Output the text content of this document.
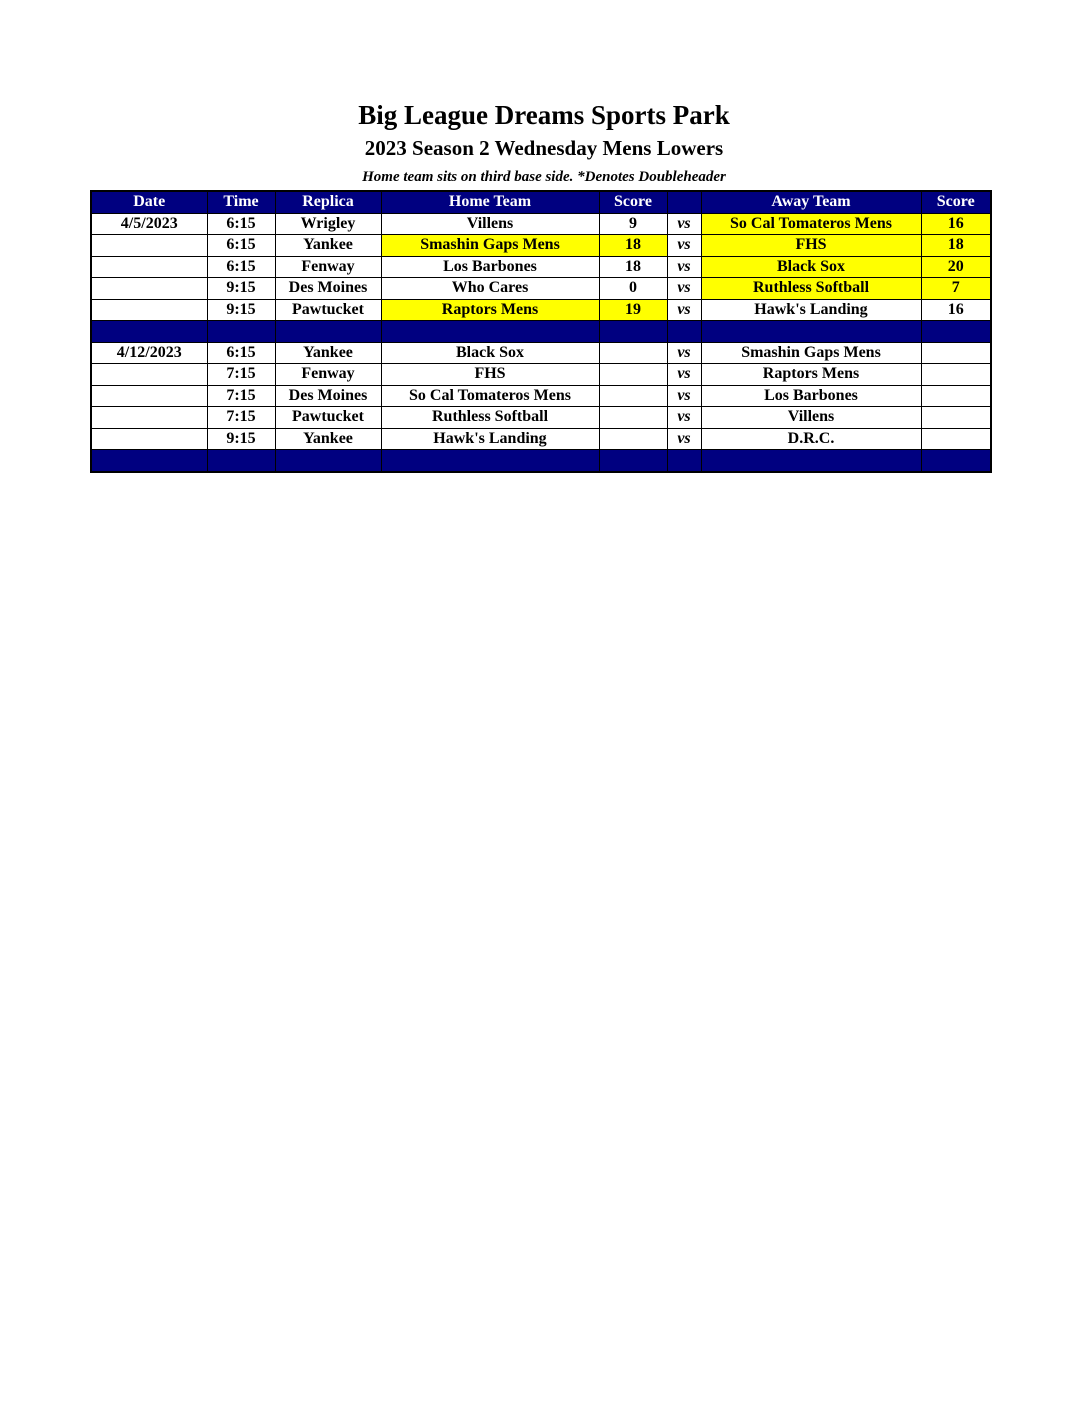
Big League Dreams Sports Park
2023 Season 2 Wednesday Mens Lowers
Home team sits on third base side. *Denotes Doubleheader
Date	Time	Replica	Home Team	Score		Away Team	Score
4/5/2023	6:15	Wrigley	Villens	9	vs	So Cal Tomateros Mens	16
	6:15	Yankee	Smashin Gaps Mens	18	vs	FHS	18
	6:15	Fenway	Los Barbones	18	vs	Black Sox	20
	9:15	Des Moines	Who Cares	0	vs	Ruthless Softball	7
	9:15	Pawtucket	Raptors Mens	19	vs	Hawk's Landing	16

4/12/2023	6:15	Yankee	Black Sox		vs	Smashin Gaps Mens	
	7:15	Fenway	FHS		vs	Raptors Mens	
	7:15	Des Moines	So Cal Tomateros Mens		vs	Los Barbones	
	7:15	Pawtucket	Ruthless Softball		vs	Villens	
	9:15	Yankee	Hawk's Landing		vs	D.R.C.	
